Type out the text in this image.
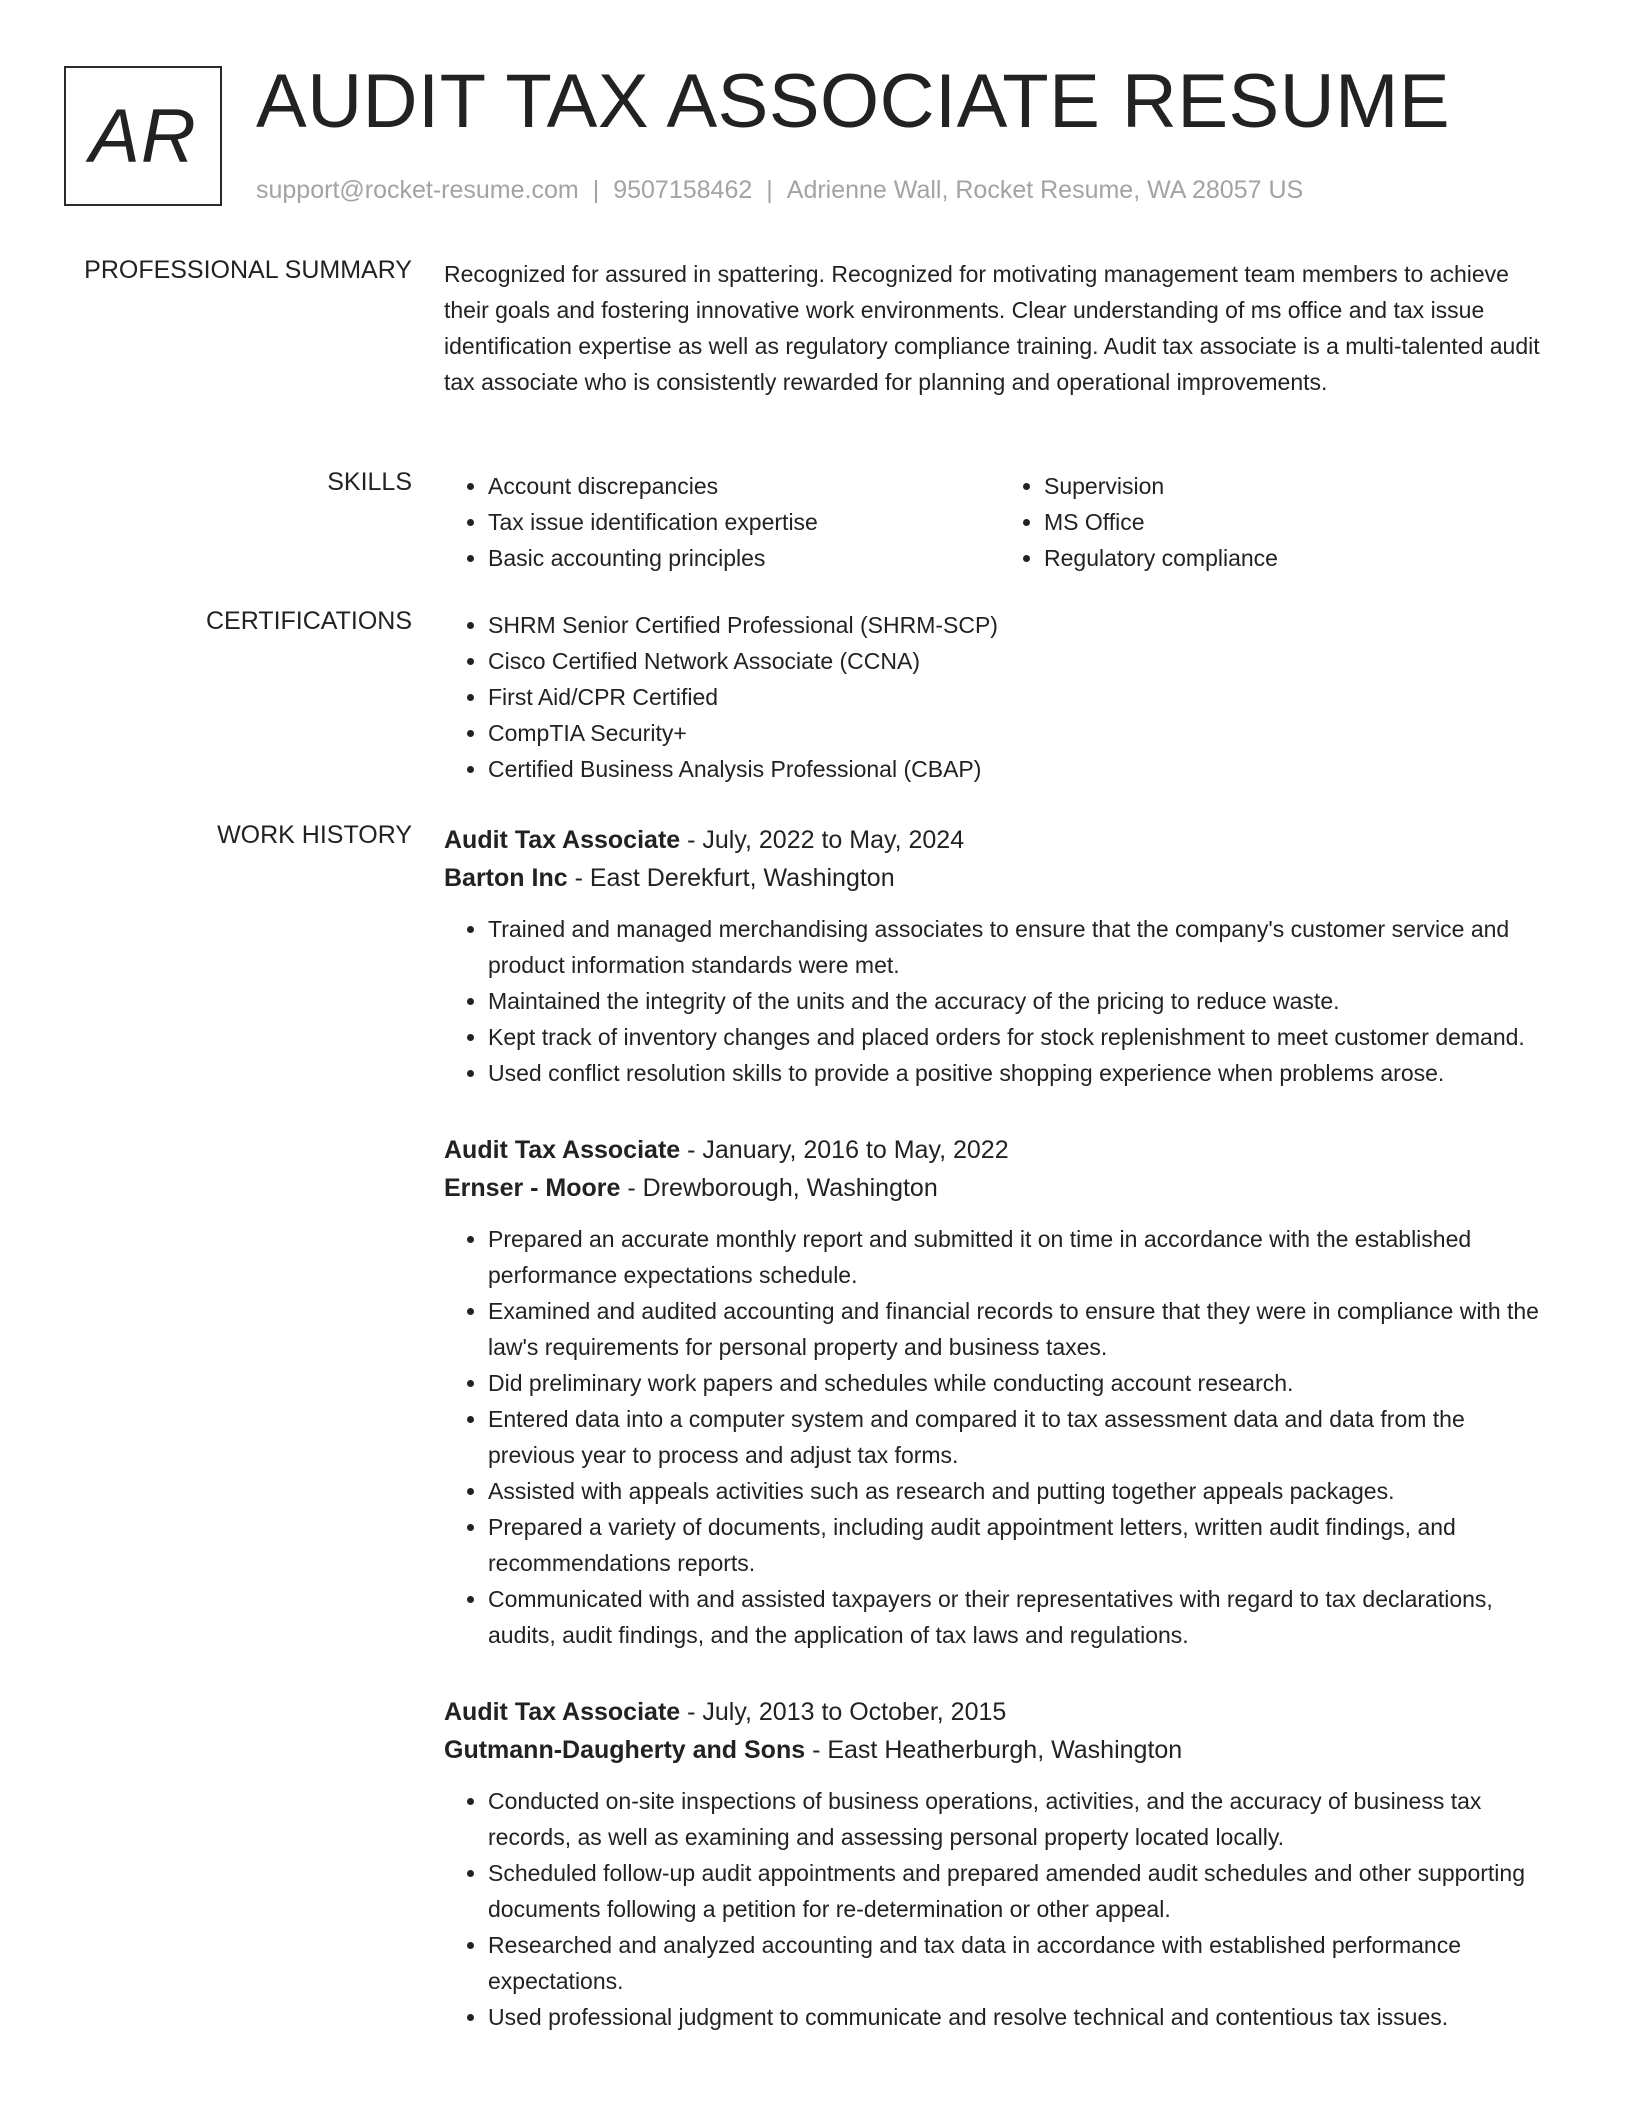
AR AUDIT TAX ASSOCIATE RESUME
support@rocket-resume.com | 9507158462 | Adrienne Wall, Rocket Resume, WA 28057 US
PROFESSIONAL SUMMARY Recognized for assured in spattering. Recognized for motivating management team members to achieve their goals and fostering innovative work environments. Clear understanding of ms office and tax issue identification expertise as well as regulatory compliance training. Audit tax associate is a multi-talented audit tax associate who is consistently rewarded for planning and operational improvements.
SKILLS	• Account discrepancies
• Tax issue identification expertise
• Basic accounting principles
• Supervision
• MS Office
• Regulatory compliance
CERTIFICATIONS	• SHRM Senior Certified Professional (SHRM-SCP)
• Cisco Certified Network Associate (CCNA)
• First Aid/CPR Certified
• CompTIA Security+
• Certified Business Analysis Professional (CBAP)
WORK HISTORY Audit Tax Associate - July, 2022 to May, 2024
Barton Inc - East Derekfurt, Washington
• Trained and managed merchandising associates to ensure that the company's customer service and product information standards were met.
• Maintained the integrity of the units and the accuracy of the pricing to reduce waste.
• Kept track of inventory changes and placed orders for stock replenishment to meet customer demand.
• Used conflict resolution skills to provide a positive shopping experience when problems arose.
Audit Tax Associate - January, 2016 to May, 2022
Ernser - Moore - Drewborough, Washington
• Prepared an accurate monthly report and submitted it on time in accordance with the established performance expectations schedule.
• Examined and audited accounting and financial records to ensure that they were in compliance with the law's requirements for personal property and business taxes.
• Did preliminary work papers and schedules while conducting account research.
• Entered data into a computer system and compared it to tax assessment data and data from the previous year to process and adjust tax forms.
• Assisted with appeals activities such as research and putting together appeals packages.
• Prepared a variety of documents, including audit appointment letters, written audit findings, and recommendations reports.
• Communicated with and assisted taxpayers or their representatives with regard to tax declarations, audits, audit findings, and the application of tax laws and regulations.
Audit Tax Associate - July, 2013 to October, 2015
Gutmann-Daugherty and Sons - East Heatherburgh, Washington
• Conducted on-site inspections of business operations, activities, and the accuracy of business tax records, as well as examining and assessing personal property located locally.
• Scheduled follow-up audit appointments and prepared amended audit schedules and other supporting documents following a petition for re-determination or other appeal.
• Researched and analyzed accounting and tax data in accordance with established performance expectations.
• Used professional judgment to communicate and resolve technical and contentious tax issues.
